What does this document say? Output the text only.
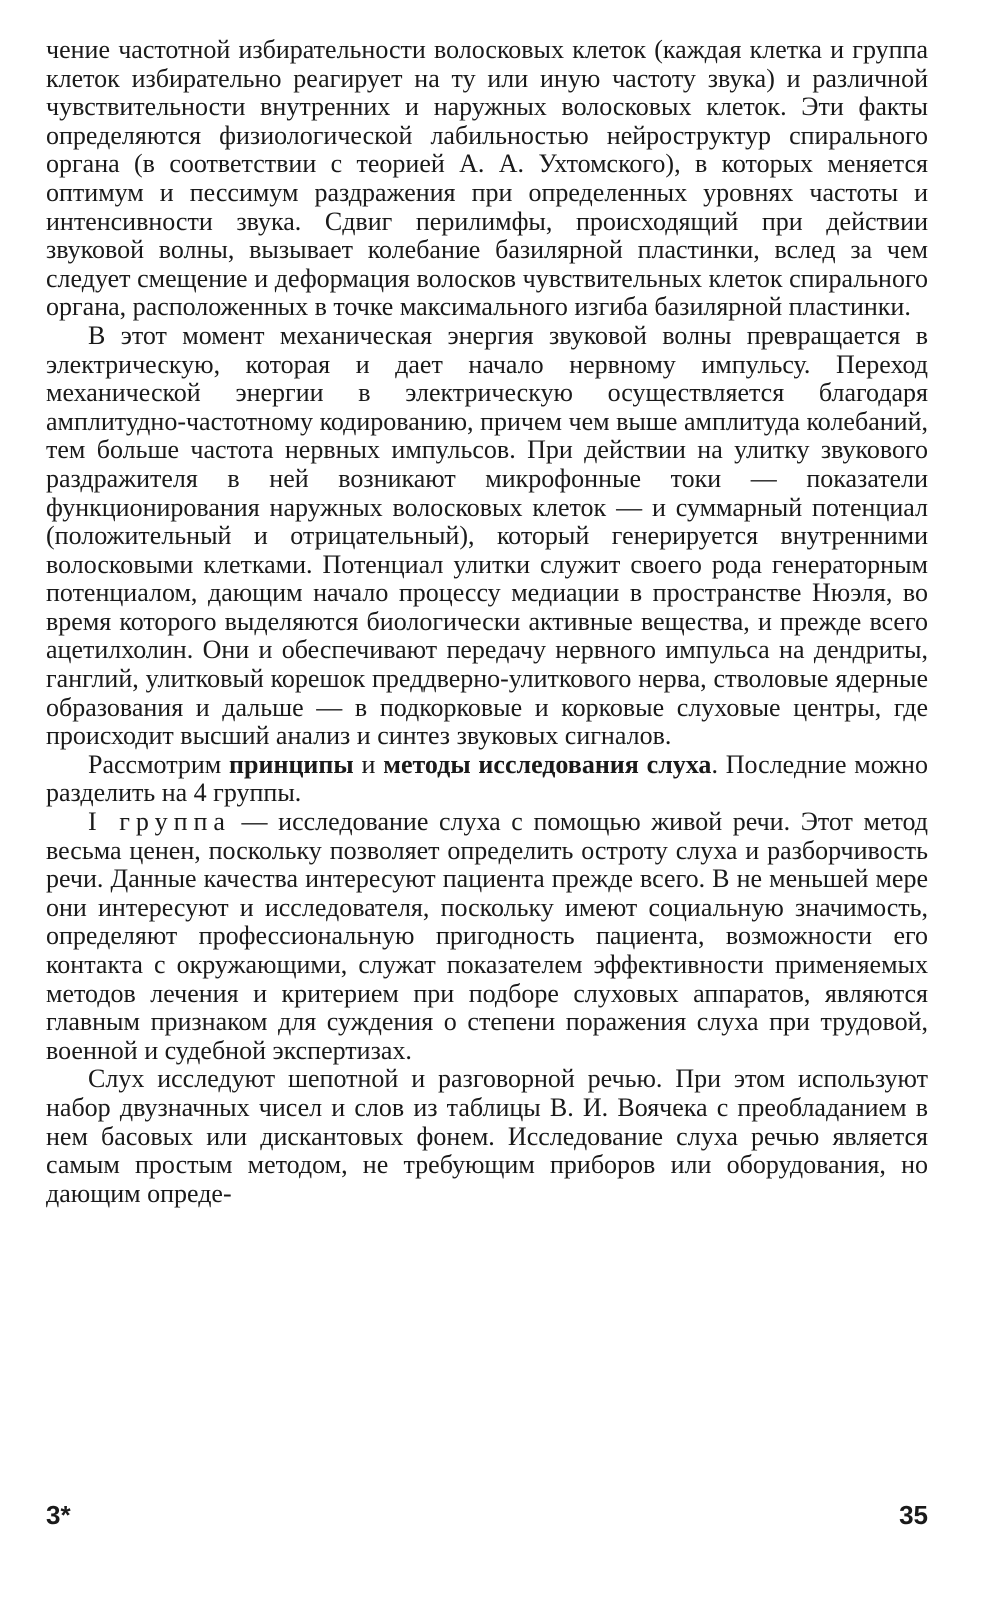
чение частотной избирательности волосковых клеток (каждая клетка и группа клеток избирательно реагирует на ту или иную частоту звука) и различной чувствительности внутренних и наружных волосковых клеток. Эти факты определяются физиологической лабильностью нейроструктур спирального органа (в соответствии с теорией А. А. Ухтомского), в которых меняется оптимум и пессимум раздражения при определенных уровнях частоты и интенсивности звука. Сдвиг перилимфы, происходящий при действии звуковой волны, вызывает колебание базилярной пластинки, вслед за чем следует смещение и деформация волосков чувствительных клеток спирального органа, расположенных в точке максимального изгиба базилярной пластинки.

В этот момент механическая энергия звуковой волны превращается в электрическую, которая и дает начало нервному импульсу. Переход механической энергии в электрическую осуществляется благодаря амплитудно-частотному кодированию, причем чем выше амплитуда колебаний, тем больше частота нервных импульсов. При действии на улитку звукового раздражителя в ней возникают микрофонные токи — показатели функционирования наружных волосковых клеток — и суммарный потенциал (положительный и отрицательный), который генерируется внутренними волосковыми клетками. Потенциал улитки служит своего рода генераторным потенциалом, дающим начало процессу медиации в пространстве Нюэля, во время которого выделяются биологически активные вещества, и прежде всего ацетилхолин. Они и обеспечивают передачу нервного импульса на дендриты, ганглий, улитковый корешок преддверно-улиткового нерва, стволовые ядерные образования и дальше — в подкорковые и корковые слуховые центры, где происходит высший анализ и синтез звуковых сигналов.

Рассмотрим принципы и методы исследования слуха. Последние можно разделить на 4 группы.

I группа — исследование слуха с помощью живой речи. Этот метод весьма ценен, поскольку позволяет определить остроту слуха и разборчивость речи. Данные качества интересуют пациента прежде всего. В не меньшей мере они интересуют и исследователя, поскольку имеют социальную значимость, определяют профессиональную пригодность пациента, возможности его контакта с окружающими, служат показателем эффективности применяемых методов лечения и критерием при подборе слуховых аппаратов, являются главным признаком для суждения о степени поражения слуха при трудовой, военной и судебной экспертизах.

Слух исследуют шепотной и разговорной речью. При этом используют набор двузначных чисел и слов из таблицы В. И. Воячека с преобладанием в нем басовых или дискантовых фонем. Исследование слуха речью является самым простым методом, не требующим приборов или оборудования, но дающим опреде-

3*	35
